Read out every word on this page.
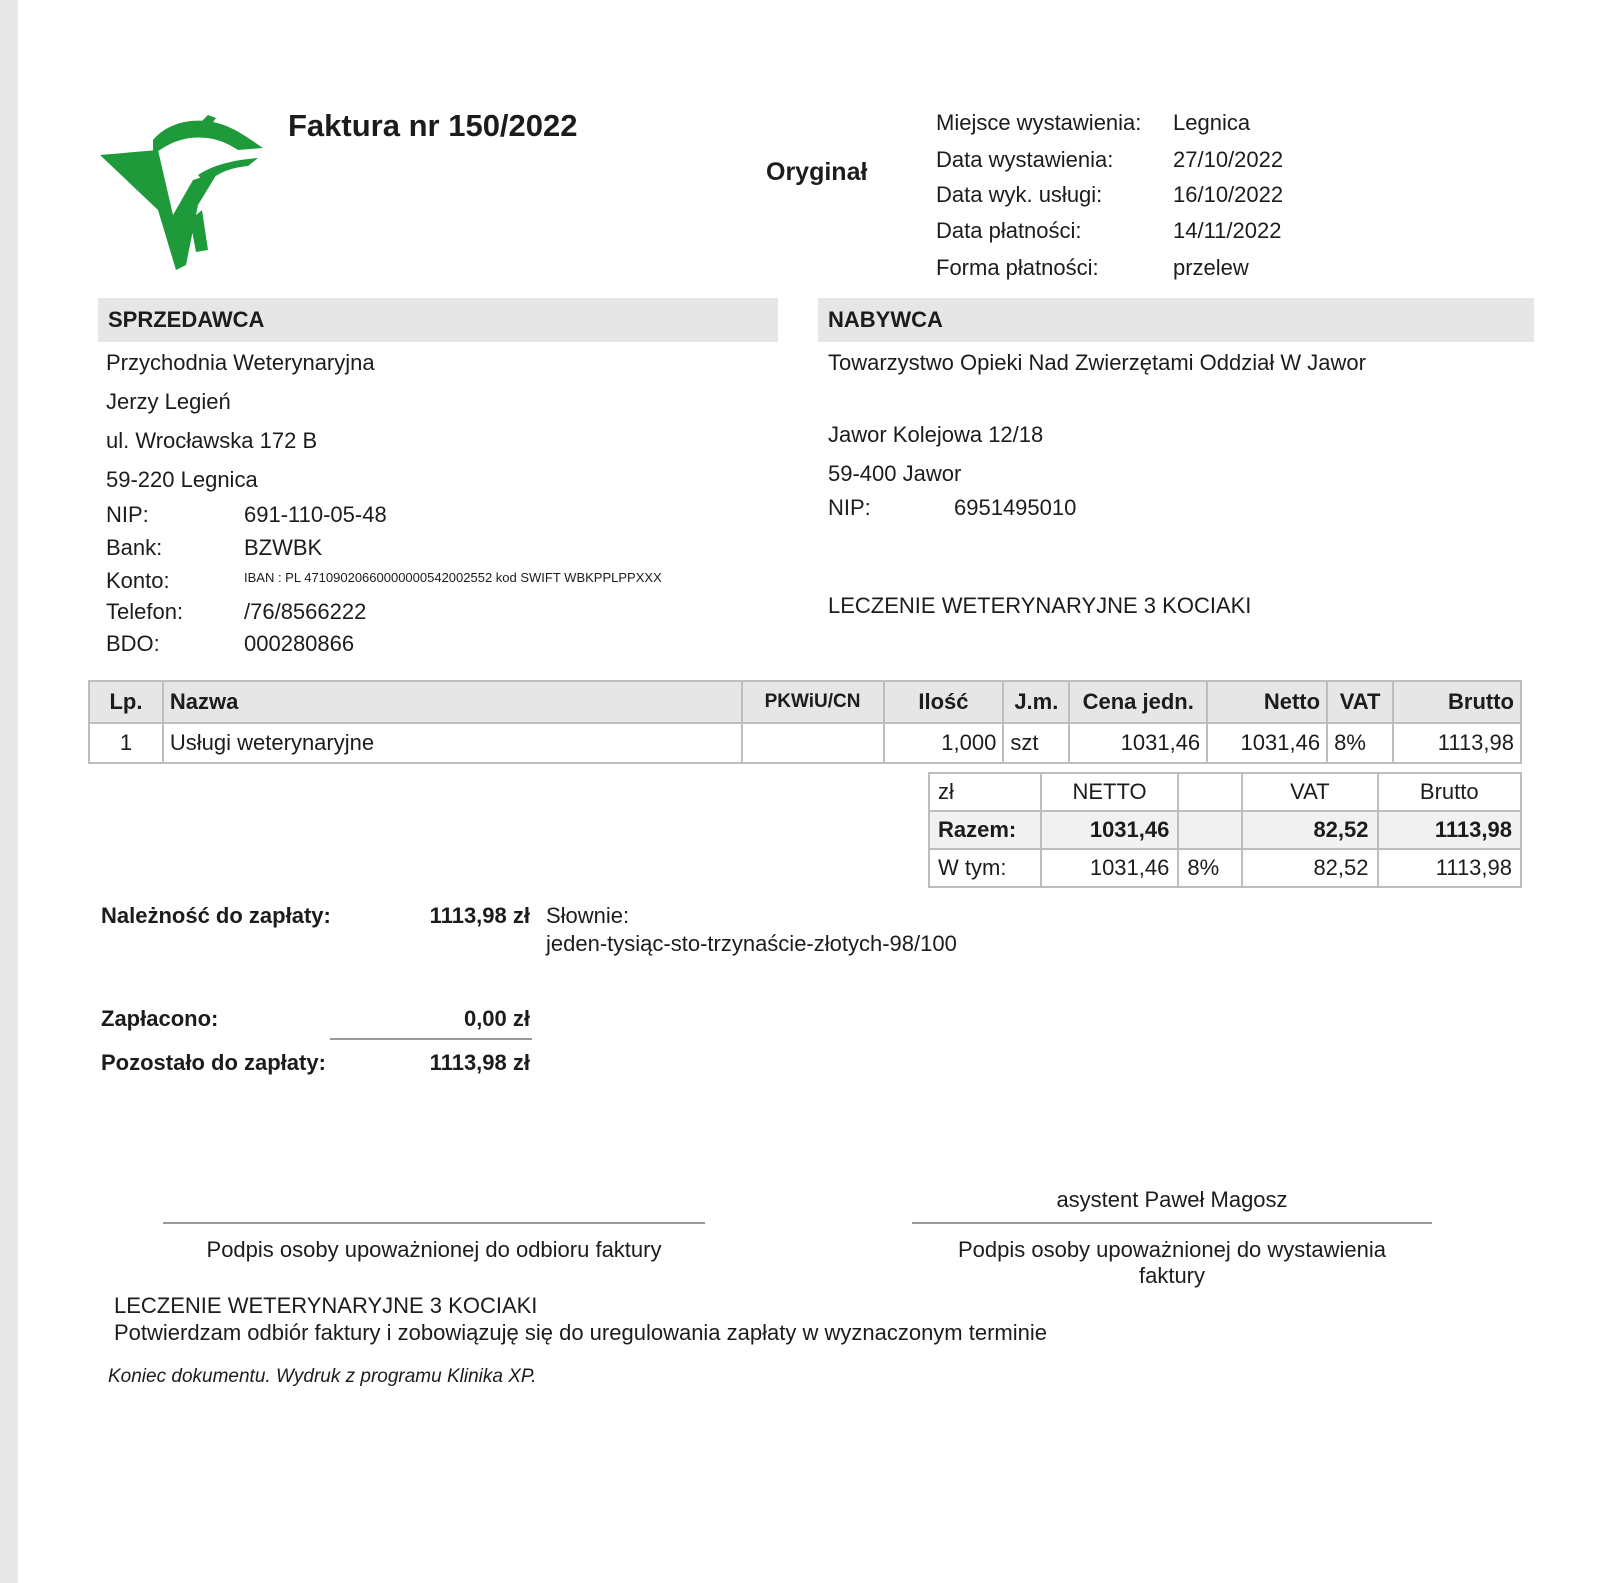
Faktura nr 150/2022
Oryginał
Miejsce wystawienia: Legnica
Data wystawienia:	27/10/2022
Data wyk. usługi:	16/10/2022
Data płatności:	14/11/2022
Forma płatności:	przelew
SPRZEDAWCA
Przychodnia Weterynaryjna
Jerzy Legień
ul. Wrocławska 172 B
59-220 Legnica
NIP:	691-110-05-48
Bank:	BZWBK
Konto:	IBAN : PL 47109020660000000542002552 kod SWIFT WBKPPLPPXXX
Telefon:	/76/8566222
BDO:	000280866
NABYWCA
Towarzystwo Opieki Nad Zwierzętami Oddział W Jawor
Jawor Kolejowa 12/18
59-400 Jawor
NIP:	6951495010
LECZENIE WETERYNARYJNE 3 KOCIAKI
Lp.	Nazwa	PKWiU/CN	Ilość	J.m.	Cena jedn.	Netto	VAT	Brutto
1	Usługi weterynaryjne		1,000	szt	1031,46	1031,46	8%	1113,98
zł	NETTO		VAT	Brutto
Razem:	1031,46		82,52	1113,98
W tym:	1031,46	8%	82,52	1113,98
Należność do zapłaty:	1113,98 zł Słownie:
jeden-tysiąc-sto-trzynaście-złotych-98/100
Zapłacono:	0,00 zł
Pozostało do zapłaty:	1113,98 zł
asystent Paweł Magosz
Podpis osoby upoważnionej do odbioru faktury	Podpis osoby upoważnionej do wystawienia
faktury
LECZENIE WETERYNARYJNE 3 KOCIAKI
Potwierdzam odbiór faktury i zobowiązuję się do uregulowania zapłaty w wyznaczonym terminie
Koniec dokumentu. Wydruk z programu Klinika XP.
